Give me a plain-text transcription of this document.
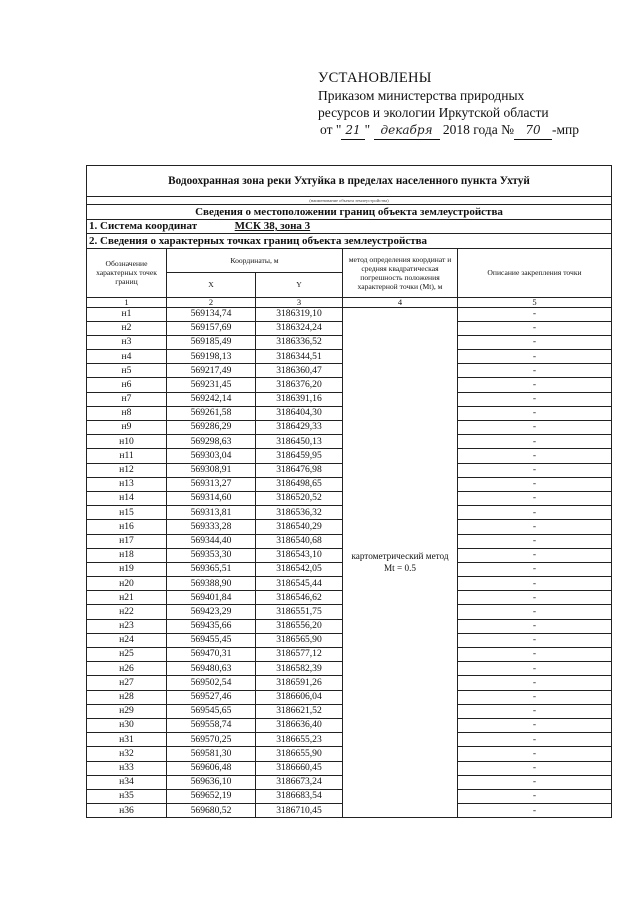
УСТАНОВЛЕНЫ
Приказом министерства природных
ресурсов и экологии Иркутской области
от " 21 " декабря 2018 года № 70 -мпр
Водоохранная зона реки Ухтуйка в пределах населенного пункта Ухтуй				
(наименование объекта землеустройства)				
Сведения о местоположении границ объекта землеустройства				
1. Система координат МСК 38, зона 3				
2. Сведения о характерных точках границ объекта землеустройства				
Обозначение характерных точек границ	Координаты, м		метод определения координат и средняя квадратическая погрешность положения характерной точки (Mt), м	Описание закрепления точки
	X	Y		
1	2	3	4	5
н1	569134,74	3186319,10	картометрический метод Mt = 0.5	-
н2	569157,69	3186324,24		-
н3	569185,49	3186336,52		-
н4	569198,13	3186344,51		-
н5	569217,49	3186360,47		-
н6	569231,45	3186376,20		-
н7	569242,14	3186391,16		-
н8	569261,58	3186404,30		-
н9	569286,29	3186429,33		-
н10	569298,63	3186450,13		-
н11	569303,04	3186459,95		-
н12	569308,91	3186476,98		-
н13	569313,27	3186498,65		-
н14	569314,60	3186520,52		-
н15	569313,81	3186536,32		-
н16	569333,28	3186540,29		-
н17	569344,40	3186540,68		-
н18	569353,30	3186543,10		-
н19	569365,51	3186542,05		-
н20	569388,90	3186545,44		-
н21	569401,84	3186546,62		-
н22	569423,29	3186551,75		-
н23	569435,66	3186556,20		-
н24	569455,45	3186565,90		-
н25	569470,31	3186577,12		-
н26	569480,63	3186582,39		-
н27	569502,54	3186591,26		-
н28	569527,46	3186606,04		-
н29	569545,65	3186621,52		-
н30	569558,74	3186636,40		-
н31	569570,25	3186655,23		-
н32	569581,30	3186655,90		-
н33	569606,48	3186660,45		-
н34	569636,10	3186673,24		-
н35	569652,19	3186683,54		-
н36	569680,52	3186710,45		-
